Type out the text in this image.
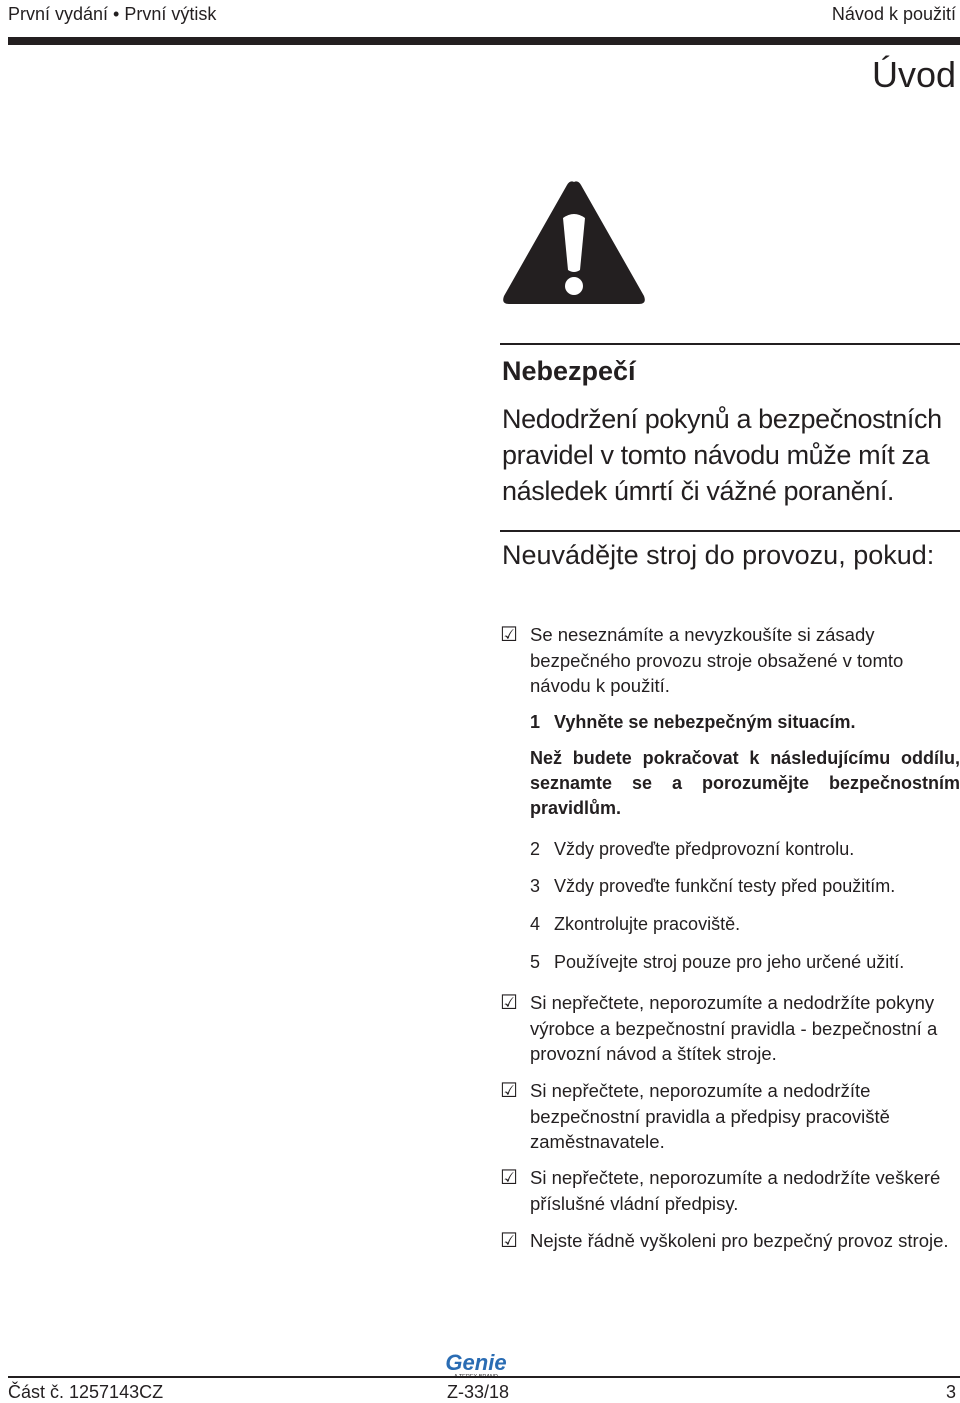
První vydání • První výtisk	Návod k použití
Úvod
Nebezpečí
Nedodržení pokynů a bezpečnostních pravidel v tomto návodu může mít za následek úmrtí či vážné poranění.
Neuvádějte stroj do provozu, pokud:
☑ Se neseznámíte a nevyzkoušíte si zásady bezpečného provozu stroje obsažené v tomto návodu k použití.
1 Vyhněte se nebezpečným situacím.
Než budete pokračovat k následujícímu oddílu, seznamte se a porozumějte bezpečnostním pravidlům.
2 Vždy proveďte předprovozní kontrolu.
3 Vždy proveďte funkční testy před použitím.
4 Zkontrolujte pracoviště.
5 Používejte stroj pouze pro jeho určené užití.
☑ Si nepřečtete, neporozumíte a nedodržíte pokyny výrobce a bezpečnostní pravidla - bezpečnostní a provozní návod a štítek stroje.
☑ Si nepřečtete, neporozumíte a nedodržíte bezpečnostní pravidla a předpisy pracoviště zaměstnavatele.
☑ Si nepřečtete, neporozumíte a nedodržíte veškeré příslušné vládní předpisy.
☑ Nejste řádně vyškoleni pro bezpečný provoz stroje.
Genie
Část č. 1257143CZ	Z-33/18	3
